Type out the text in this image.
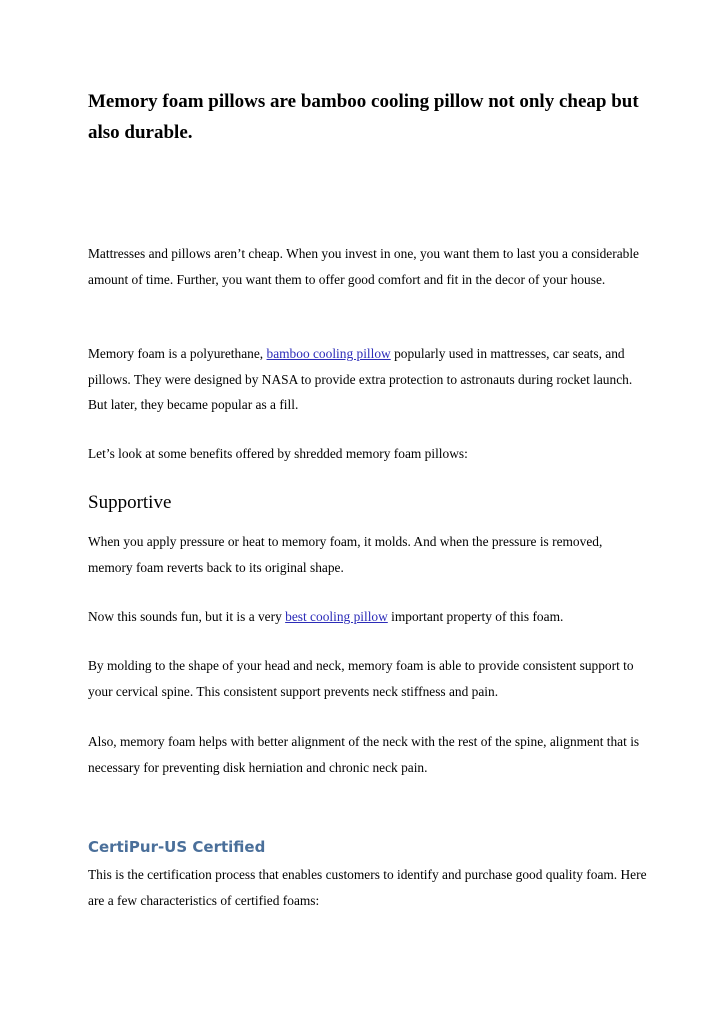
Memory foam pillows are bamboo cooling pillow not only cheap but also durable.

Mattresses and pillows aren’t cheap. When you invest in one, you want them to last you a considerable amount of time. Further, you want them to offer good comfort and fit in the decor of your house.

Memory foam is a polyurethane, bamboo cooling pillow popularly used in mattresses, car seats, and pillows. They were designed by NASA to provide extra protection to astronauts during rocket launch. But later, they became popular as a fill.

Let’s look at some benefits offered by shredded memory foam pillows:

Supportive

When you apply pressure or heat to memory foam, it molds. And when the pressure is removed, memory foam reverts back to its original shape.

Now this sounds fun, but it is a very best cooling pillow important property of this foam.

By molding to the shape of your head and neck, memory foam is able to provide consistent support to your cervical spine. This consistent support prevents neck stiffness and pain.

Also, memory foam helps with better alignment of the neck with the rest of the spine, alignment that is necessary for preventing disk herniation and chronic neck pain.

CertiPur-US Certified

This is the certification process that enables customers to identify and purchase good quality foam. Here are a few characteristics of certified foams:
